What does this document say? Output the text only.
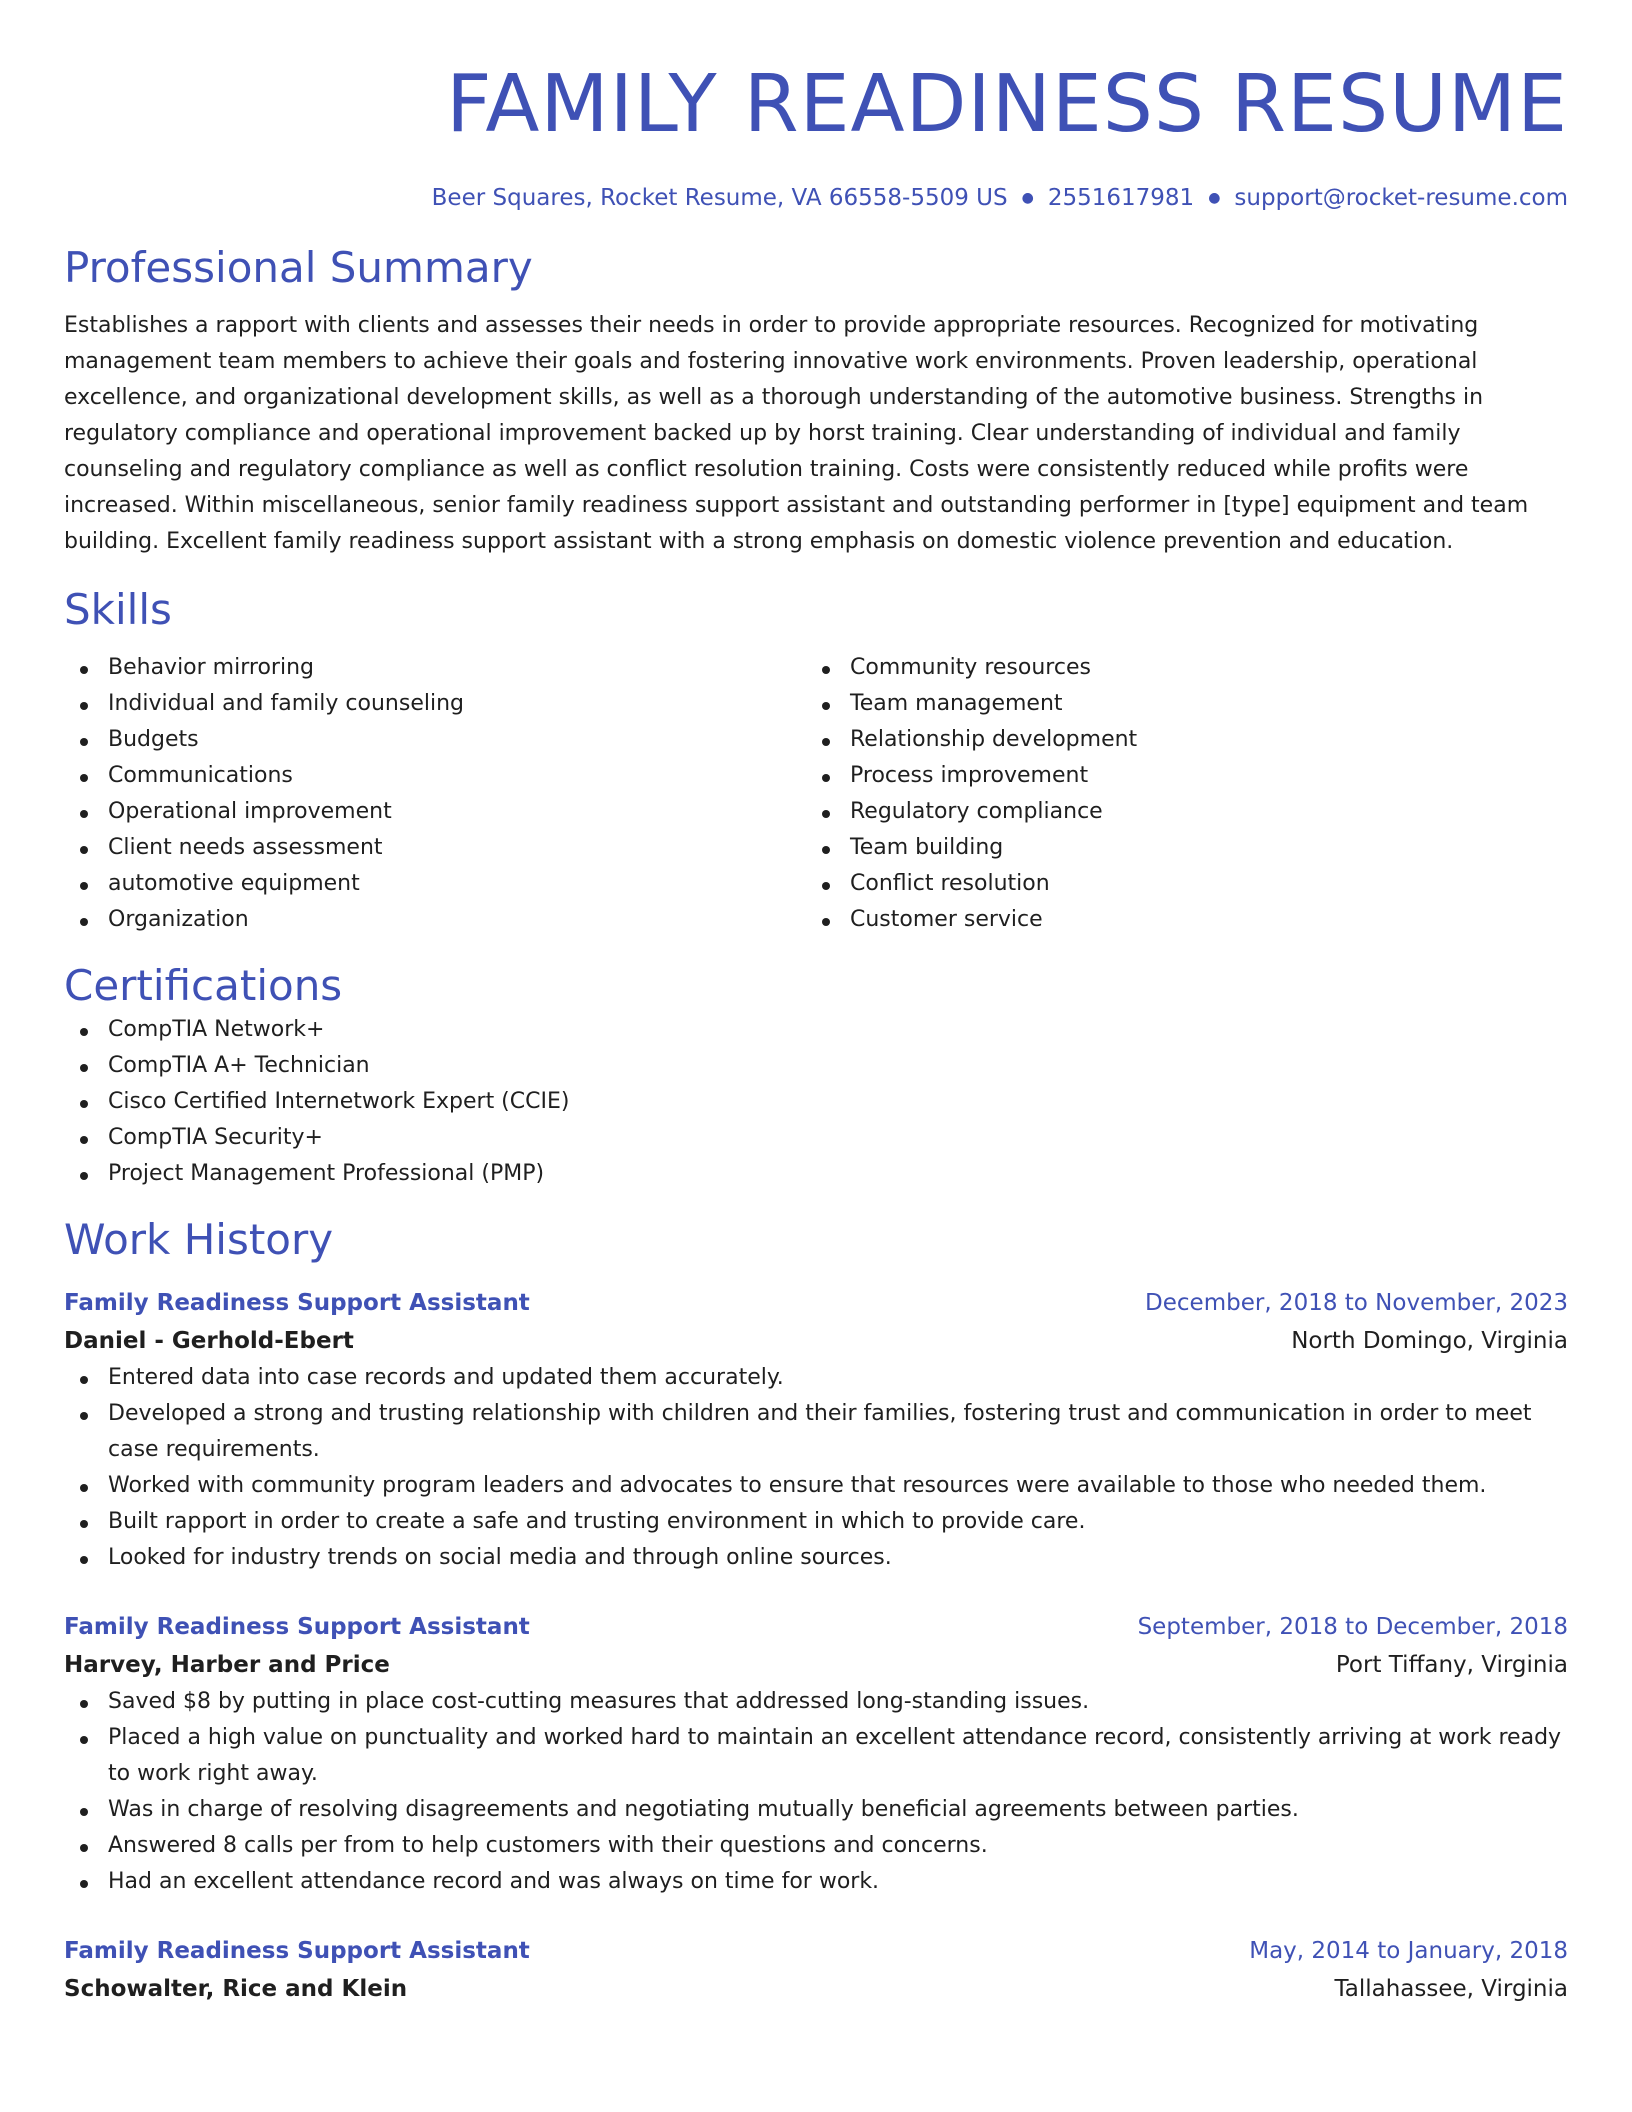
FAMILY READINESS RESUME
Beer Squares, Rocket Resume, VA 66558-5509 US ● 2551617981 ● support@rocket-resume.com
Professional Summary

Establishes a rapport with clients and assesses their needs in order to provide appropriate resources. Recognized for motivating management team members to achieve their goals and fostering innovative work environments. Proven leadership, operational excellence, and organizational development skills, as well as a thorough understanding of the automotive business. Strengths in regulatory compliance and operational improvement backed up by horst training. Clear understanding of individual and family counseling and regulatory compliance as well as conflict resolution training. Costs were consistently reduced while profits were increased. Within miscellaneous, senior family readiness support assistant and outstanding performer in [type] equipment and team building. Excellent family readiness support assistant with a strong emphasis on domestic violence prevention and education.

Skills
Behavior mirroring
Individual and family counseling
Budgets
Communications
Operational improvement
Client needs assessment
automotive equipment
Organization
Community resources
Team management
Relationship development
Process improvement
Regulatory compliance
Team building
Conflict resolution
Customer service
Certifications
CompTIA Network+
CompTIA A+ Technician
Cisco Certified Internetwork Expert (CCIE)
CompTIA Security+
Project Management Professional (PMP)
Work History
Family Readiness Support Assistant	December, 2018 to November, 2023
Daniel - Gerhold-Ebert	North Domingo, Virginia
Entered data into case records and updated them accurately.
Developed a strong and trusting relationship with children and their families, fostering trust and communication in order to meet case requirements.
Worked with community program leaders and advocates to ensure that resources were available to those who needed them.
Built rapport in order to create a safe and trusting environment in which to provide care.
Looked for industry trends on social media and through online sources.
Family Readiness Support Assistant	September, 2018 to December, 2018
Harvey, Harber and Price	Port Tiffany, Virginia
Saved $8 by putting in place cost-cutting measures that addressed long-standing issues.
Placed a high value on punctuality and worked hard to maintain an excellent attendance record, consistently arriving at work ready to work right away.
Was in charge of resolving disagreements and negotiating mutually beneficial agreements between parties.
Answered 8 calls per from to help customers with their questions and concerns.
Had an excellent attendance record and was always on time for work.
Family Readiness Support Assistant	May, 2014 to January, 2018
Schowalter, Rice and Klein	Tallahassee, Virginia
